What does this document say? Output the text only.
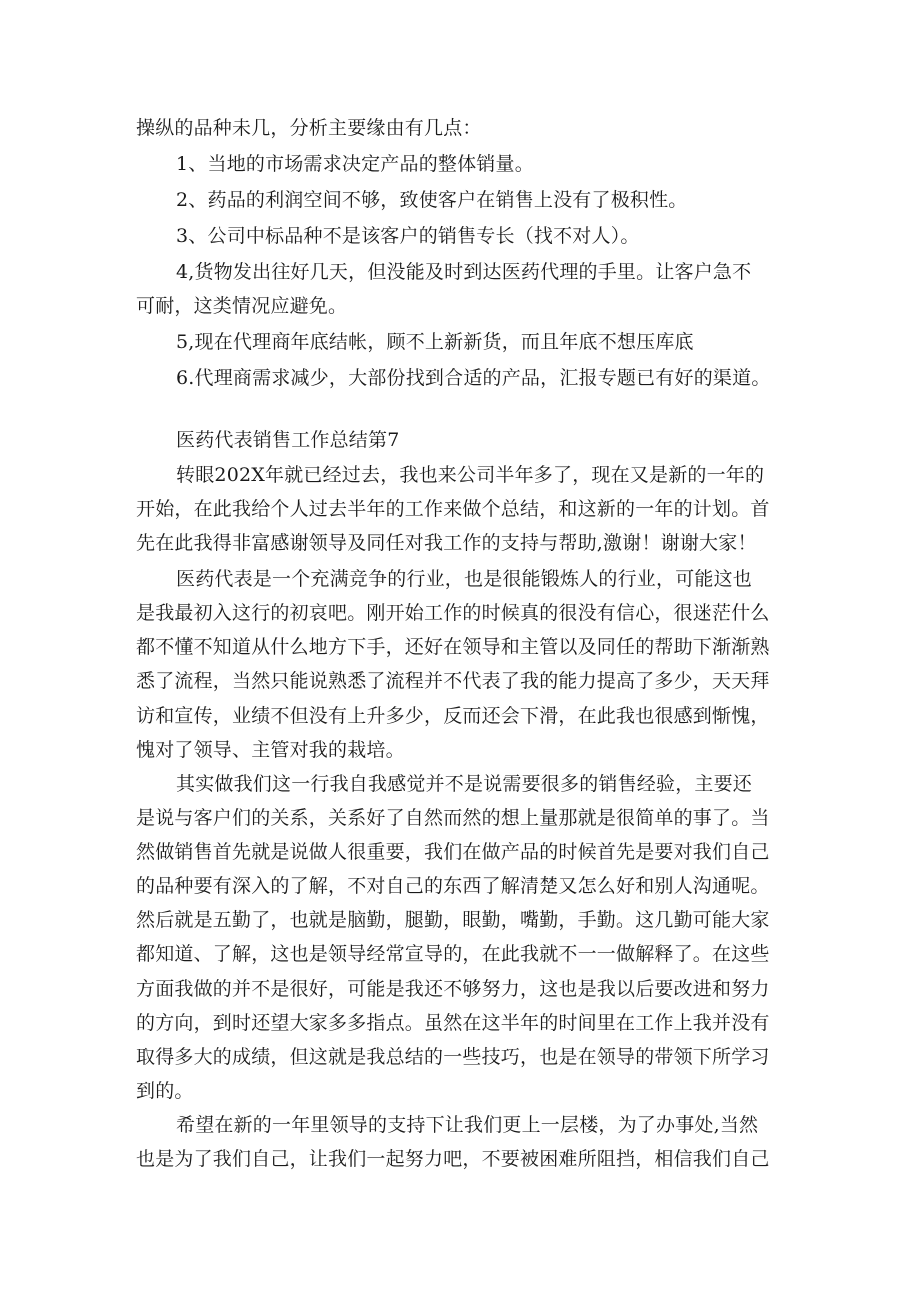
操纵的品种未几，分析主要缘由有几点：
1、当地的市场需求决定产品的整体销量。
2、药品的利润空间不够，致使客户在销售上没有了极积性。
3、公司中标品种不是该客户的销售专长（找不对人）。
4,货物发出往好几天，但没能及时到达医药代理的手里。让客户急不
可耐，这类情况应避免。
5,现在代理商年底结帐，顾不上新新货，而且年底不想压库底
6.代理商需求减少，大部份找到合适的产品，汇报专题已有好的渠道。
医药代表销售工作总结第7
转眼202X年就已经过去，我也来公司半年多了，现在又是新的一年的
开始，在此我给个人过去半年的工作来做个总结，和这新的一年的计划。首
先在此我得非富感谢领导及同任对我工作的支持与帮助,激谢！谢谢大家！
医药代表是一个充满竞争的行业，也是很能锻炼人的行业，可能这也
是我最初入这行的初哀吧。刚开始工作的时候真的很没有信心，很迷茫什么
都不懂不知道从什么地方下手，还好在领导和主管以及同任的帮助下渐渐熟
悉了流程，当然只能说熟悉了流程并不代表了我的能力提高了多少，天天拜
访和宣传，业绩不但没有上升多少，反而还会下滑，在此我也很感到惭愧，
愧对了领导、主管对我的栽培。
其实做我们这一行我自我感觉并不是说需要很多的销售经验，主要还
是说与客户们的关系，关系好了自然而然的想上量那就是很简单的事了。当
然做销售首先就是说做人很重要，我们在做产品的时候首先是要对我们自己
的品种要有深入的了解，不对自己的东西了解清楚又怎么好和别人沟通呢。
然后就是五勤了，也就是脑勤，腿勤，眼勤，嘴勤，手勤。这几勤可能大家
都知道、了解，这也是领导经常宣导的，在此我就不一一做解释了。在这些
方面我做的并不是很好，可能是我还不够努力，这也是我以后要改进和努力
的方向，到时还望大家多多指点。虽然在这半年的时间里在工作上我并没有
取得多大的成绩，但这就是我总结的一些技巧，也是在领导的带领下所学习
到的。
希望在新的一年里领导的支持下让我们更上一层楼，为了办事处,当然
也是为了我们自己，让我们一起努力吧，不要被困难所阻挡，相信我们自己
